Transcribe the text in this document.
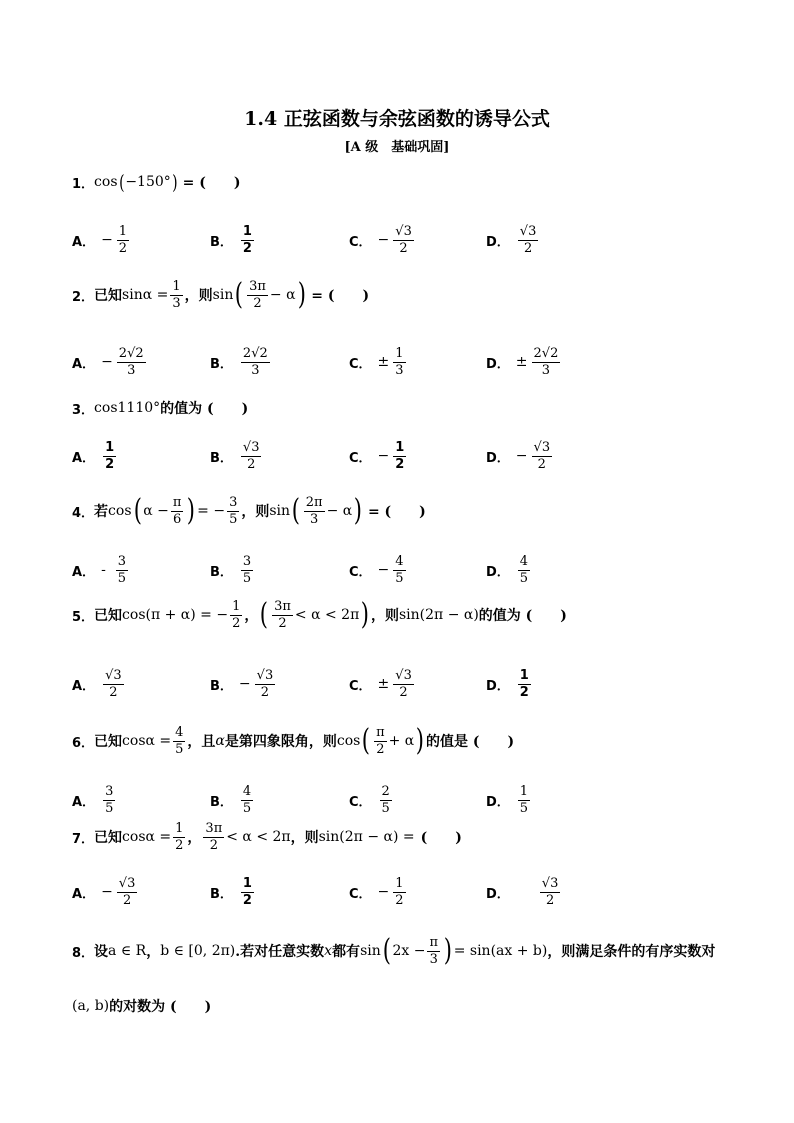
1.4 正弦函数与余弦函数的诱导公式
[A 级　基础巩固]
1． cos ( −150° ) = (　　)
A． − $\frac{1}{2}$	B． $\frac{1}{2}$	C． − $\frac{√3}{2}$	D． $\frac{√3}{2}$
2． 已知 $\sin\alpha = \frac{1}{3}$ ，则 sin ( $\frac{3\pi}{2} - \alpha$ ) = (　　)
A． − $\frac{2√2}{3}$	B． $\frac{2√2}{3}$	C． ± $\frac{1}{3}$	D． ± $\frac{2√2}{3}$
3． cos1110° 的值为 (　　)
A． $\frac{1}{2}$	B． $\frac{√3}{2}$	C． − $\frac{1}{2}$	D． − $\frac{√3}{2}$
4． 若 cos ( $\alpha - \frac{\pi}{6}$ ) = − $\frac{3}{5}$ ，则 sin ( $\frac{2\pi}{3} - \alpha$ ) = (　　)
A． - $\frac{3}{5}$	B． $\frac{3}{5}$	C． − $\frac{4}{5}$	D． $\frac{4}{5}$
5． 已知 cos(π + α) = − $\frac{1}{2}$ ， ( $\frac{3\pi}{2} < \alpha < 2\pi$ ) ，则 sin(2π − α) 的值为 (　　)
A． $\frac{√3}{2}$	B． − $\frac{√3}{2}$	C． ± $\frac{√3}{2}$	D． $\frac{1}{2}$
6． 已知 $\cos\alpha = \frac{4}{5}$ ，且 α 是第四象限角，则 cos ( $\frac{\pi}{2} + \alpha$ ) 的值是 (　　)
A． $\frac{3}{5}$	B． $\frac{4}{5}$	C． $\frac{2}{5}$	D． $\frac{1}{5}$
7． 已知 $\cos\alpha = \frac{1}{2}$ ， $\frac{3\pi}{2} < \alpha < 2\pi$ ，则 sin(2π − α) = (　　)
A． − $\frac{√3}{2}$	B． $\frac{1}{2}$	C． − $\frac{1}{2}$	D． $\frac{√3}{2}$
8． 设 a ∈ R ， b ∈ [0, 2π) .若对任意实数 x 都有 sin ( $2x - \frac{\pi}{3}$ ) = sin(ax + b) ，则满足条件的有序实数对
(a, b) 的对数为 (　　)
